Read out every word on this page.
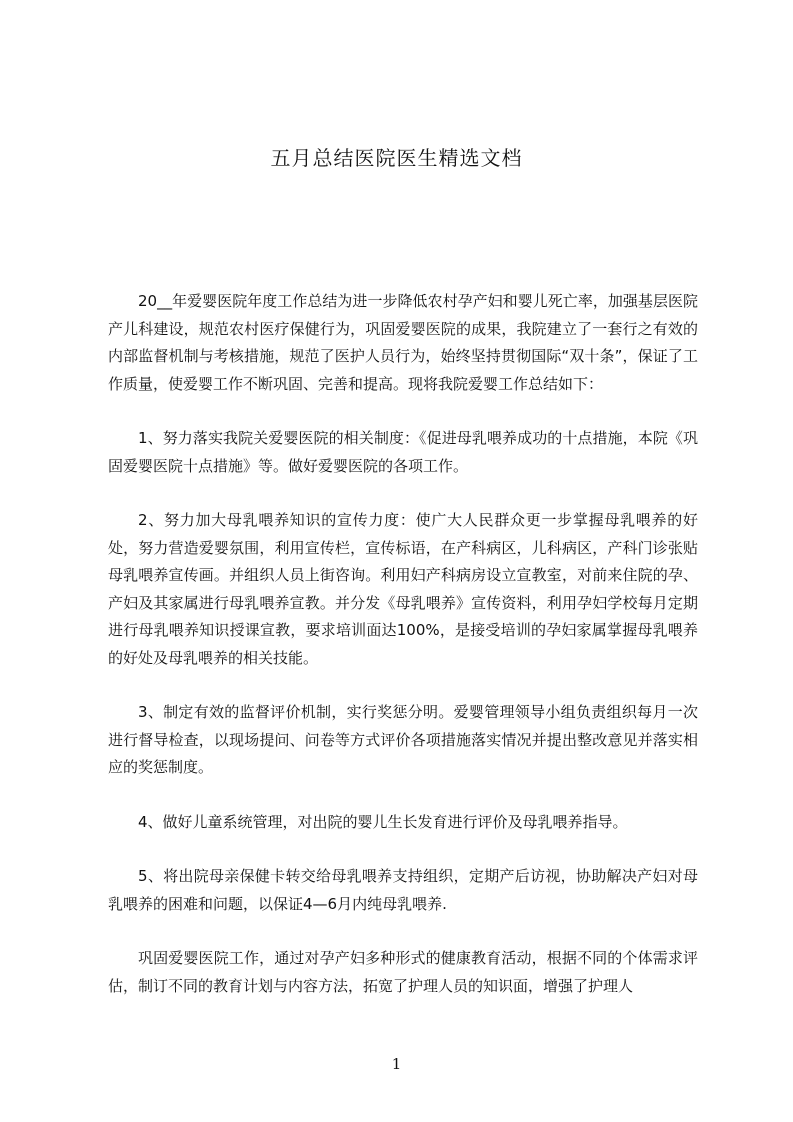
五月总结医院医生精选文档

20__年爱婴医院年度工作总结为进一步降低农村孕产妇和婴儿死亡率，加强基层医院产儿科建设，规范农村医疗保健行为，巩固爱婴医院的成果，我院建立了一套行之有效的内部监督机制与考核措施，规范了医护人员行为，始终坚持贯彻国际“双十条”，保证了工作质量，使爱婴工作不断巩固、完善和提高。现将我院爱婴工作总结如下：

1、努力落实我院关爱婴医院的相关制度：《促进母乳喂养成功的十点措施，本院《巩固爱婴医院十点措施》等。做好爱婴医院的各项工作。

2、努力加大母乳喂养知识的宣传力度：使广大人民群众更一步掌握母乳喂养的好处，努力营造爱婴氛围，利用宣传栏，宣传标语，在产科病区，儿科病区，产科门诊张贴母乳喂养宣传画。并组织人员上街咨询。利用妇产科病房设立宣教室，对前来住院的孕、产妇及其家属进行母乳喂养宣教。并分发《母乳喂养》宣传资料，利用孕妇学校每月定期进行母乳喂养知识授课宣教，要求培训面达100%，是接受培训的孕妇家属掌握母乳喂养的好处及母乳喂养的相关技能。

3、制定有效的监督评价机制，实行奖惩分明。爱婴管理领导小组负责组织每月一次进行督导检查，以现场提问、问卷等方式评价各项措施落实情况并提出整改意见并落实相应的奖惩制度。

4、做好儿童系统管理，对出院的婴儿生长发育进行评价及母乳喂养指导。

5、将出院母亲保健卡转交给母乳喂养支持组织，定期产后访视，协助解决产妇对母乳喂养的困难和问题，以保证4—6月内纯母乳喂养.

巩固爱婴医院工作，通过对孕产妇多种形式的健康教育活动，根据不同的个体需求评估，制订不同的教育计划与内容方法，拓宽了护理人员的知识面，增强了护理人

1
